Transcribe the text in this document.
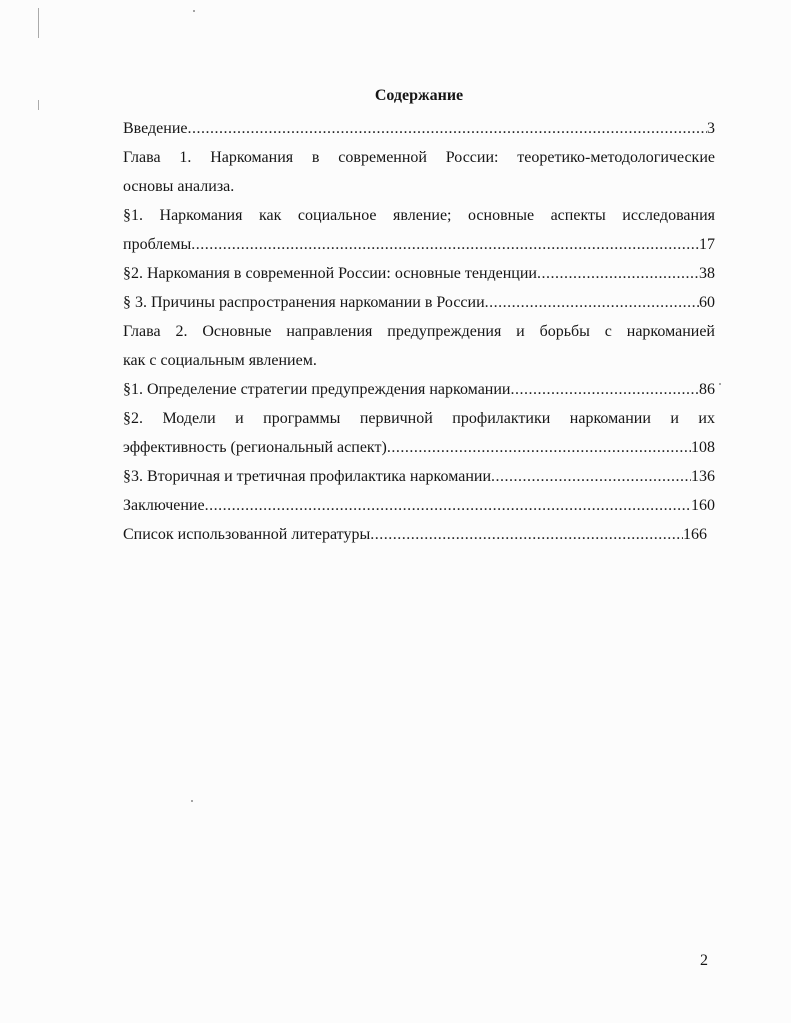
Содержание
Введение .....	3
Глава 1. Наркомания в современной России: теоретико-методологические
основы анализа.
§1. Наркомания как социальное явление; основные аспекты исследования
проблемы .....	17
§2. Наркомания в современной России: основные тенденции .....	38
§ 3. Причины распространения наркомании в России .....	60
Глава 2. Основные направления предупреждения и борьбы с наркоманией
как с социальным явлением.
§1. Определение стратегии предупреждения наркомании .....	86
§2. Модели и программы первичной профилактики наркомании и их
эффективность (региональный аспект) .....	108
§3. Вторичная и третичная профилактика наркомании .....	136
Заключение .....	160
Список использованной литературы .....	166
2
